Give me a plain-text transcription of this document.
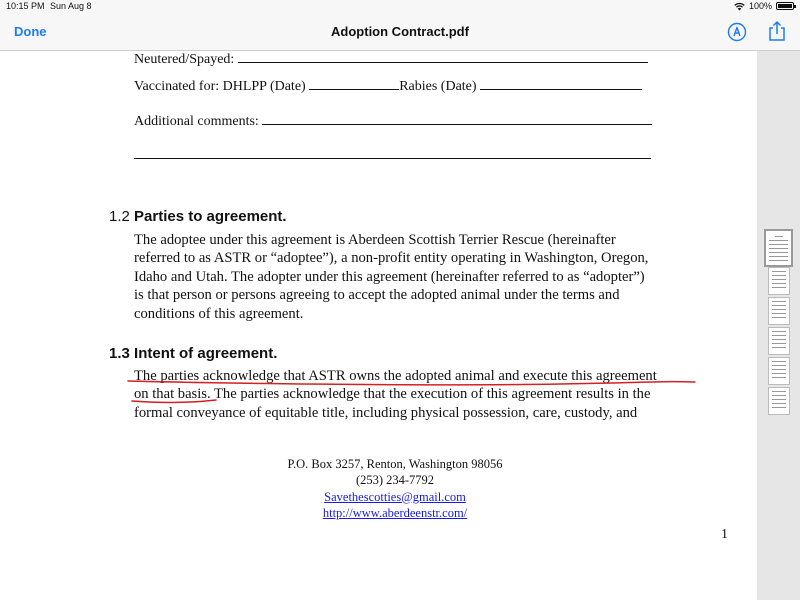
10:15 PM Sun Aug 8	100%
Done	Adoption Contract.pdf
Neutered/Spayed:
Vaccinated for: DHLPP (Date)	Rabies (Date)
Additional comments:
1.2 Parties to agreement.
The adoptee under this agreement is Aberdeen Scottish Terrier Rescue (hereinafter
referred to as ASTR or “adoptee”), a non-profit entity operating in Washington, Oregon,
Idaho and Utah. The adopter under this agreement (hereinafter referred to as “adopter”)
is that person or persons agreeing to accept the adopted animal under the terms and
conditions of this agreement.
1.3 Intent of agreement.
The parties acknowledge that ASTR owns the adopted animal and execute this agreement
on that basis. The parties acknowledge that the execution of this agreement results in the
formal conveyance of equitable title, including physical possession, care, custody, and
P.O. Box 3257, Renton, Washington 98056
(253) 234-7792
Savethescotties@gmail.com
http://www.aberdeenstr.com/
1
